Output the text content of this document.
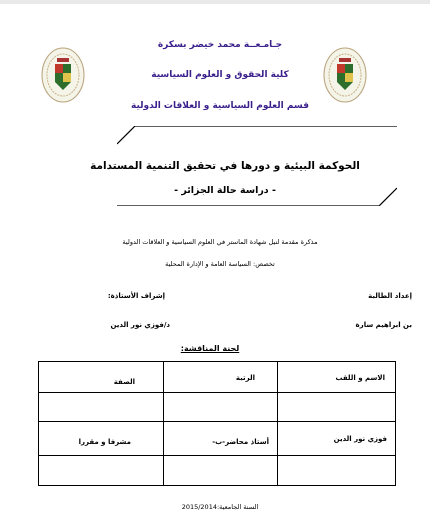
جـامـعــة محمد خيضر بسكرة
كلية الحقوق و العلوم السياسية
قسم العلوم السياسية و العلاقات الدولية
الحوكمة البيئية و دورها في تحقيق التنمية المستدامة
- دراسة حالة الجزائر -
مذكرة مقدمة لنيل شهادة الماستر في العلوم السياسية و العلاقات الدولية
تخصص: السياسة العامة و الإدارة المحلية
إعداد الطالبة
إشراف الأستاذة:
بن ابراهيم سارة
د/فوزي نور الدين
لجنة المناقشة:
الاسم و اللقب
الرتبة
الصفة
فوزي نور الدين
أستاذ محاضر-ب-
مشرفا و مقررا
السنة الجامعية:2015/2014
